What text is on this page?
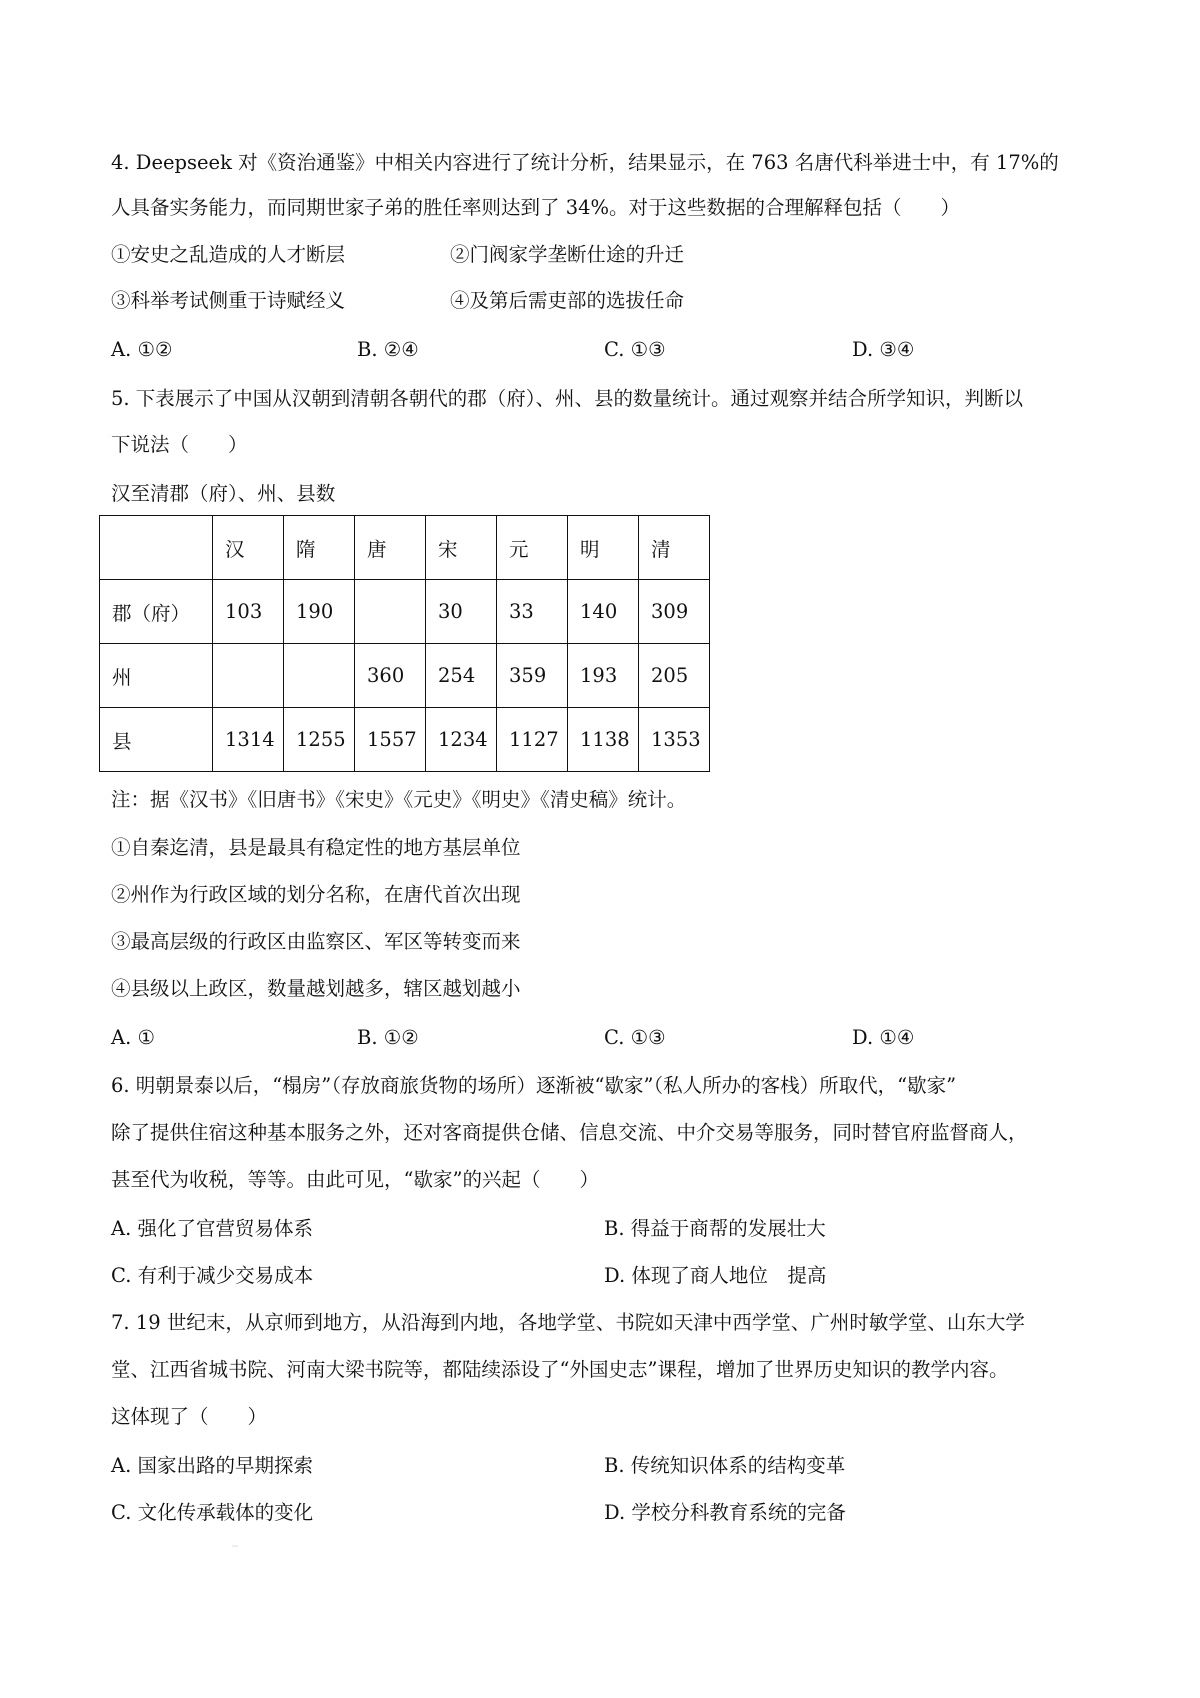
4. Deepseek 对《资治通鉴》中相关内容进行了统计分析，结果显示，在 763 名唐代科举进士中，有 17%的
人具备实务能力，而同期世家子弟的胜任率则达到了 34%。对于这些数据的合理解释包括（　　）
①安史之乱造成的人才断层	②门阀家学垄断仕途的升迁
③科举考试侧重于诗赋经义	④及第后需吏部的选拔任命
A. ①②	B. ②④	C. ①③	D. ③④
5. 下表展示了中国从汉朝到清朝各朝代的郡（府）、州、县的数量统计。通过观察并结合所学知识，判断以
下说法（　　）
汉至清郡（府）、州、县数
	汉	隋	唐	宋	元	明	清
郡（府）	103	190		30	33	140	309
州			360	254	359	193	205
县	1314	1255	1557	1234	1127	1138	1353
注：据《汉书》《旧唐书》《宋史》《元史》《明史》《清史稿》统计。
①自秦迄清，县是最具有稳定性的地方基层单位
②州作为行政区域的划分名称，在唐代首次出现
③最高层级的行政区由监察区、军区等转变而来
④县级以上政区，数量越划越多，辖区越划越小
A. ①	B. ①②	C. ①③	D. ①④
6. 明朝景泰以后，“榻房”（存放商旅货物的场所）逐渐被“歇家”（私人所办的客栈）所取代，“歇家”
除了提供住宿这种基本服务之外，还对客商提供仓储、信息交流、中介交易等服务，同时替官府监督商人，
甚至代为收税，等等。由此可见，“歇家”的兴起（　　）
A. 强化了官营贸易体系	B. 得益于商帮的发展壮大
C. 有利于减少交易成本	D. 体现了商人地位　提高
7. 19 世纪末，从京师到地方，从沿海到内地，各地学堂、书院如天津中西学堂、广州时敏学堂、山东大学
堂、江西省城书院、河南大梁书院等，都陆续添设了“外国史志”课程，增加了世界历史知识的教学内容。
这体现了（　　）
A. 国家出路的早期探索	B. 传统知识体系的结构变革
C. 文化传承载体的变化	D. 学校分科教育系统的完备
